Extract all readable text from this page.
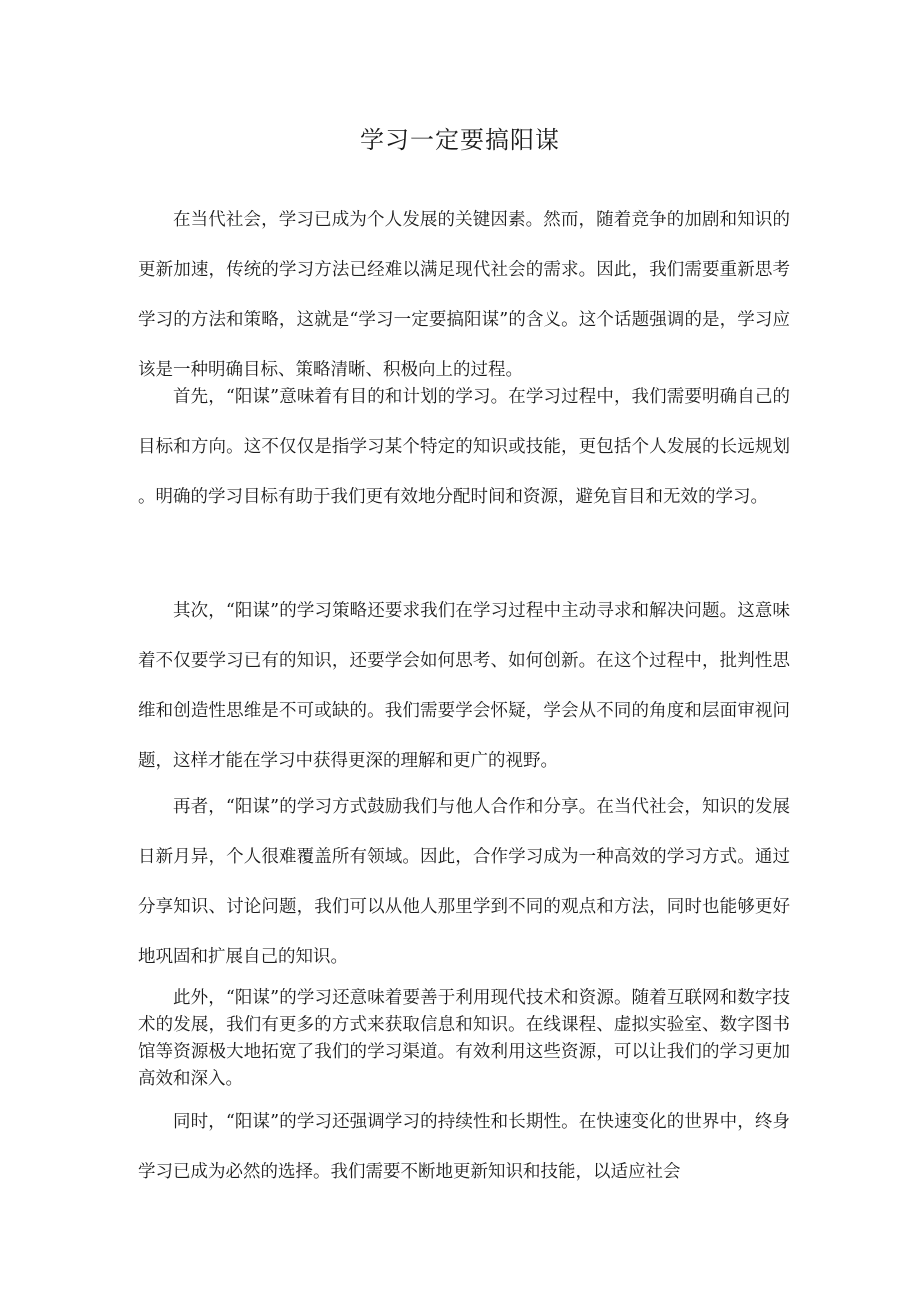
学习一定要搞阳谋

在当代社会，学习已成为个人发展的关键因素。然而，随着竞争的加剧和知识的更新加速，传统的学习方法已经难以满足现代社会的需求。因此，我们需要重新思考学习的方法和策略，这就是“学习一定要搞阳谋”的含义。这个话题强调的是，学习应该是一种明确目标、策略清晰、积极向上的过程。

首先，“阳谋”意味着有目的和计划的学习。在学习过程中，我们需要明确自己的目标和方向。这不仅仅是指学习某个特定的知识或技能，更包括个人发展的长远规划。明确的学习目标有助于我们更有效地分配时间和资源，避免盲目和无效的学习。

其次，“阳谋”的学习策略还要求我们在学习过程中主动寻求和解决问题。这意味着不仅要学习已有的知识，还要学会如何思考、如何创新。在这个过程中，批判性思维和创造性思维是不可或缺的。我们需要学会怀疑，学会从不同的角度和层面审视问题，这样才能在学习中获得更深的理解和更广的视野。

再者，“阳谋”的学习方式鼓励我们与他人合作和分享。在当代社会，知识的发展日新月异，个人很难覆盖所有领域。因此，合作学习成为一种高效的学习方式。通过分享知识、讨论问题，我们可以从他人那里学到不同的观点和方法，同时也能够更好地巩固和扩展自己的知识。

此外，“阳谋”的学习还意味着要善于利用现代技术和资源。随着互联网和数字技术的发展，我们有更多的方式来获取信息和知识。在线课程、虚拟实验室、数字图书馆等资源极大地拓宽了我们的学习渠道。有效利用这些资源，可以让我们的学习更加高效和深入。

同时，“阳谋”的学习还强调学习的持续性和长期性。在快速变化的世界中，终身学习已成为必然的选择。我们需要不断地更新知识和技能，以适应社会
